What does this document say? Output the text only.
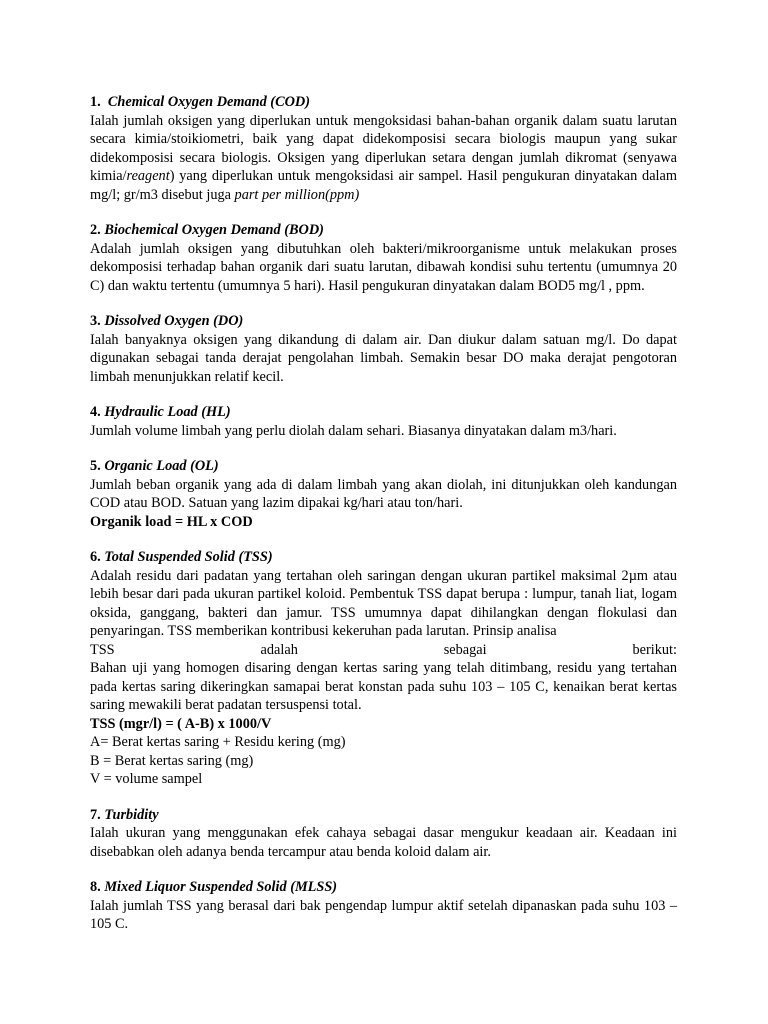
1. Chemical Oxygen Demand (COD)

Ialah jumlah oksigen yang diperlukan untuk mengoksidasi bahan-bahan organik dalam suatu larutan secara kimia/stoikiometri, baik yang dapat didekomposisi secara biologis maupun yang sukar didekomposisi secara biologis. Oksigen yang diperlukan setara dengan jumlah dikromat (senyawa kimia/reagent) yang diperlukan untuk mengoksidasi air sampel. Hasil pengukuran dinyatakan dalam mg/l; gr/m3 disebut juga part per million(ppm)

2. Biochemical Oxygen Demand (BOD)

Adalah jumlah oksigen yang dibutuhkan oleh bakteri/mikroorganisme untuk melakukan proses dekomposisi terhadap bahan organik dari suatu larutan, dibawah kondisi suhu tertentu (umumnya 20 C) dan waktu tertentu (umumnya 5 hari). Hasil pengukuran dinyatakan dalam BOD5 mg/l , ppm.

3. Dissolved Oxygen (DO)

Ialah banyaknya oksigen yang dikandung di dalam air. Dan diukur dalam satuan mg/l. Do dapat digunakan sebagai tanda derajat pengolahan limbah. Semakin besar DO maka derajat pengotoran limbah menunjukkan relatif kecil.

4. Hydraulic Load (HL)

Jumlah volume limbah yang perlu diolah dalam sehari. Biasanya dinyatakan dalam m3/hari.

5. Organic Load (OL)

Jumlah beban organik yang ada di dalam limbah yang akan diolah, ini ditunjukkan oleh kandungan COD atau BOD. Satuan yang lazim dipakai kg/hari atau ton/hari.

Organik load = HL x COD

6. Total Suspended Solid (TSS)

Adalah residu dari padatan yang tertahan oleh saringan dengan ukuran partikel maksimal 2µm atau lebih besar dari pada ukuran partikel koloid. Pembentuk TSS dapat berupa : lumpur, tanah liat, logam oksida, ganggang, bakteri dan jamur. TSS umumnya dapat dihilangkan dengan flokulasi dan penyaringan. TSS memberikan kontribusi kekeruhan pada larutan. Prinsip analisa

TSS	adalah	sebagai	berikut:

Bahan uji yang homogen disaring dengan kertas saring yang telah ditimbang, residu yang tertahan pada kertas saring dikeringkan samapai berat konstan pada suhu 103 – 105 C, kenaikan berat kertas saring mewakili berat padatan tersuspensi total.

TSS (mgr/l) = ( A-B) x 1000/V

A= Berat kertas saring + Residu kering (mg)

B = Berat kertas saring (mg)

V = volume sampel

7. Turbidity

Ialah ukuran yang menggunakan efek cahaya sebagai dasar mengukur keadaan air. Keadaan ini disebabkan oleh adanya benda tercampur atau benda koloid dalam air.

8. Mixed Liquor Suspended Solid (MLSS)

Ialah jumlah TSS yang berasal dari bak pengendap lumpur aktif setelah dipanaskan pada suhu 103 – 105 C.
